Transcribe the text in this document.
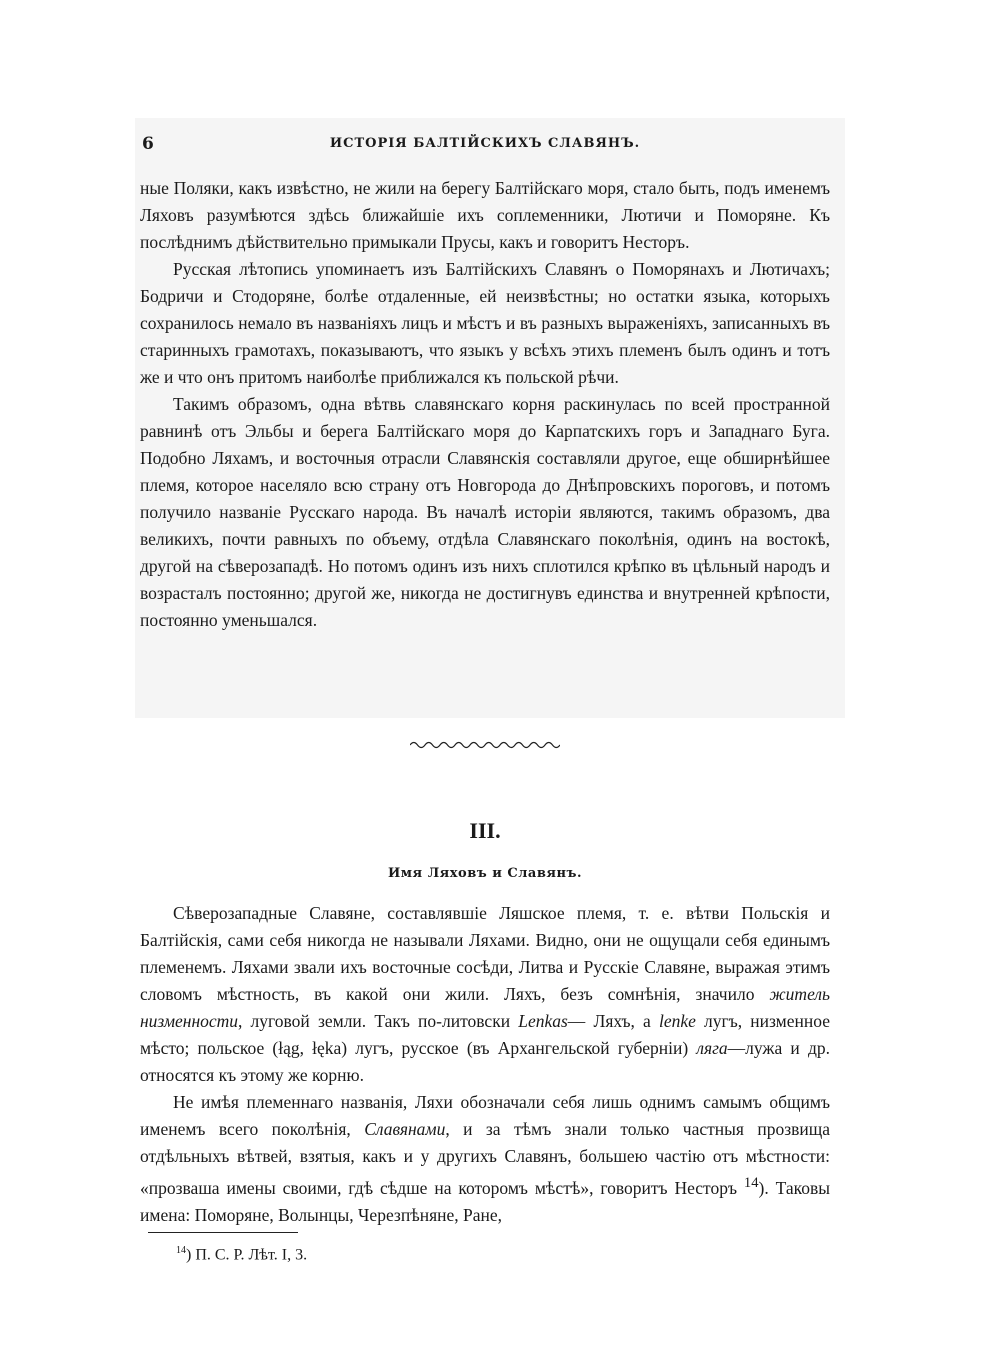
6	ИСТОРІЯ БАЛТІЙСКИХЪ СЛАВЯНЪ.

ные Поляки, какъ извѣстно, не жили на берегу Балтійскаго моря, стало быть, подъ именемъ Ляховъ разумѣются здѣсь ближайшіе ихъ соплеменники, Лютичи и Поморяне. Къ послѣднимъ дѣйствительно примыкали Прусы, какъ и говоритъ Несторъ.

Русская лѣтопись упоминаетъ изъ Балтійскихъ Славянъ о Поморянахъ и Лютичахъ; Бодричи и Стодоряне, болѣе отдаленные, ей неизвѣстны; но остатки языка, которыхъ сохранилось немало въ названіяхъ лицъ и мѣстъ и въ разныхъ выраженіяхъ, записанныхъ въ старинныхъ грамотахъ, показываютъ, что языкъ у всѣхъ этихъ племенъ былъ одинъ и тотъ же и что онъ притомъ наиболѣе приближался къ польской рѣчи.

Такимъ образомъ, одна вѣтвь славянскаго корня раскинулась по всей пространной равнинѣ отъ Эльбы и берега Балтійскаго моря до Карпатскихъ горъ и Западнаго Буга. Подобно Ляхамъ, и восточныя отрасли Славянскія составляли другое, еще обширнѣйшее племя, которое населяло всю страну отъ Новгорода до Днѣпровскихъ пороговъ, и потомъ получило названіе Русскаго народа. Въ началѣ исторіи являются, такимъ образомъ, два великихъ, почти равныхъ по объему, отдѣла Славянскаго поколѣнія, одинъ на востокѣ, другой на сѣверозападѣ. Но потомъ одинъ изъ нихъ сплотился крѣпко въ цѣльный народъ и возрасталъ постоянно; другой же, никогда не достигнувъ единства и внутренней крѣпости, постоянно уменьшался.

III.
Имя Ляховъ и Славянъ.

Сѣверозападные Славяне, составлявшіе Ляшское племя, т. е. вѣтви Польскія и Балтійскія, сами себя никогда не называли Ляхами. Видно, они не ощущали себя единымъ племенемъ. Ляхами звали ихъ восточные сосѣди, Литва и Русскіе Славяне, выражая этимъ словомъ мѣстность, въ какой они жили. Ляхъ, безъ сомнѣнія, значило житель низменности, луговой земли. Такъ по-литовски Lenkas— Ляхъ, а lenke лугъ, низменное мѣсто; польское (łąg, łęka) лугъ, русское (въ Архангельской губерніи) ляга—лужа и др. относятся къ этому же корню.

Не имѣя племеннаго названія, Ляхи обозначали себя лишь однимъ самымъ общимъ именемъ всего поколѣнія, Славянами, и за тѣмъ знали только частныя прозвища отдѣльныхъ вѣтвей, взятыя, какъ и у другихъ Славянъ, большею частію отъ мѣстности: «прозваша имены своими, гдѣ сѣдше на которомъ мѣстѣ», говоритъ Несторъ $^{14}$). Таковы имена: Поморяне, Волынцы, Черезпѣняне, Ране,

$^{14}$) П. С. Р. Лѣт. I, 3.
